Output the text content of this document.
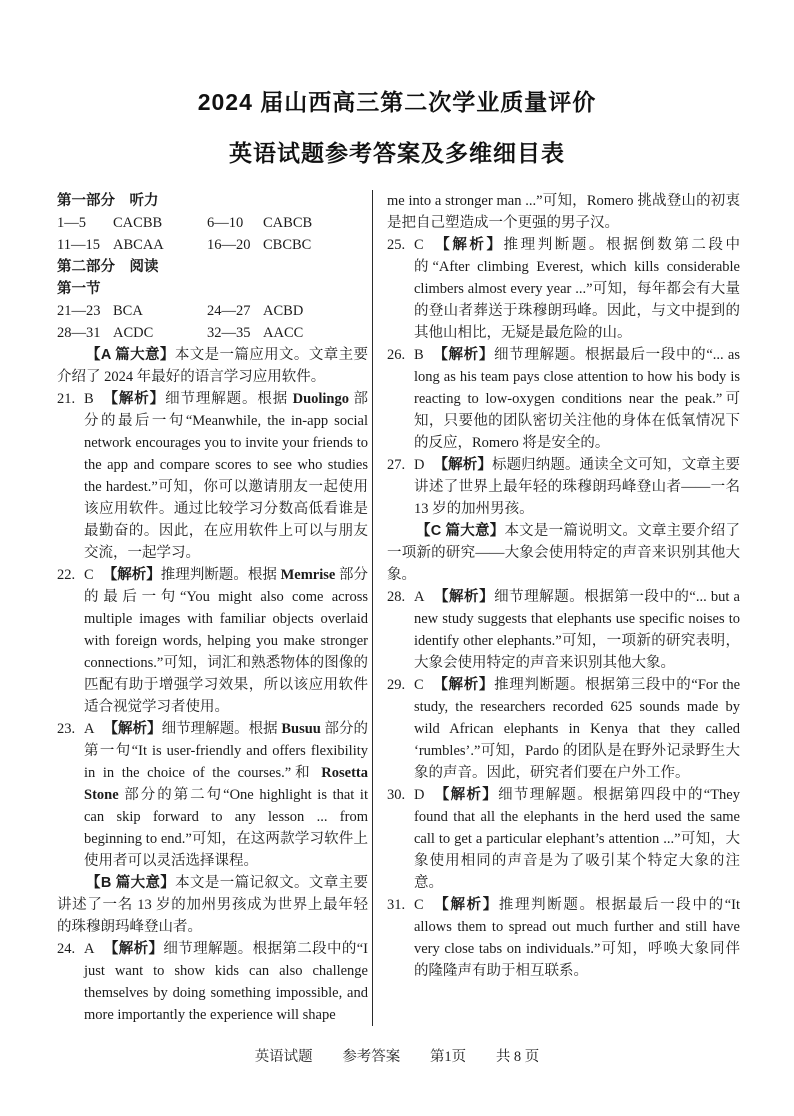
2024 届山西高三第二次学业质量评价
英语试题参考答案及多维细目表
第一部分　听力
1—5 CACBB	6—10 CABCB
11—15 ABCAA	16—20 CBCBC
第二部分　阅读
第一节
21—23 BCA	24—27 ACBD
28—31 ACDC	32—35 AACC
【A 篇大意】本文是一篇应用文。文章主要介绍了 2024 年最好的语言学习应用软件。
21. B 【解析】细节理解题。根据 Duolingo 部分的最后一句“Meanwhile, the in-app social network encourages you to invite your friends to the app and compare scores to see who studies the hardest.”可知，你可以邀请朋友一起使用该应用软件。通过比较学习分数高低看谁是最勤奋的。因此，在应用软件上可以与朋友交流，一起学习。
22. C 【解析】推理判断题。根据 Memrise 部分的最后一句“You might also come across multiple images with familiar objects overlaid with foreign words, helping you make stronger connections.”可知，词汇和熟悉物体的图像的匹配有助于增强学习效果，所以该应用软件适合视觉学习者使用。
23. A 【解析】细节理解题。根据 Busuu 部分的第一句“It is user-friendly and offers flexibility in in the choice of the courses.”和 Rosetta Stone 部分的第二句“One highlight is that it can skip forward to any lesson ... from beginning to end.”可知，在这两款学习软件上使用者可以灵活选择课程。
【B 篇大意】本文是一篇记叙文。文章主要讲述了一名 13 岁的加州男孩成为世界上最年轻的珠穆朗玛峰登山者。
24. A 【解析】细节理解题。根据第二段中的“I just want to show kids can also challenge themselves by doing something impossible, and more importantly the experience will shape
me into a stronger man ...”可知，Romero 挑战登山的初衷是把自己塑造成一个更强的男子汉。
25. C 【解析】推理判断题。根据倒数第二段中的“After climbing Everest, which kills considerable climbers almost every year ...”可知，每年都会有大量的登山者葬送于珠穆朗玛峰。因此，与文中提到的其他山相比，无疑是最危险的山。
26. B 【解析】细节理解题。根据最后一段中的“... as long as his team pays close attention to how his body is reacting to low-oxygen conditions near the peak.”可知，只要他的团队密切关注他的身体在低氧情况下的反应，Romero 将是安全的。
27. D 【解析】标题归纳题。通读全文可知，文章主要讲述了世界上最年轻的珠穆朗玛峰登山者——一名 13 岁的加州男孩。
【C 篇大意】本文是一篇说明文。文章主要介绍了一项新的研究——大象会使用特定的声音来识别其他大象。
28. A 【解析】细节理解题。根据第一段中的“... but a new study suggests that elephants use specific noises to identify other elephants.”可知，一项新的研究表明，大象会使用特定的声音来识别其他大象。
29. C 【解析】推理判断题。根据第三段中的“For the study, the researchers recorded 625 sounds made by wild African elephants in Kenya that they called ‘rumbles’.”可知，Pardo 的团队是在野外记录野生大象的声音。因此，研究者们要在户外工作。
30. D 【解析】细节理解题。根据第四段中的“They found that all the elephants in the herd used the same call to get a particular elephant’s attention ...”可知，大象使用相同的声音是为了吸引某个特定大象的注意。
31. C 【解析】推理判断题。根据最后一段中的“It allows them to spread out much further and still have very close tabs on individuals.”可知，呼唤大象同伴的隆隆声有助于相互联系。
英语试题 参考答案 第1页 共 8 页
